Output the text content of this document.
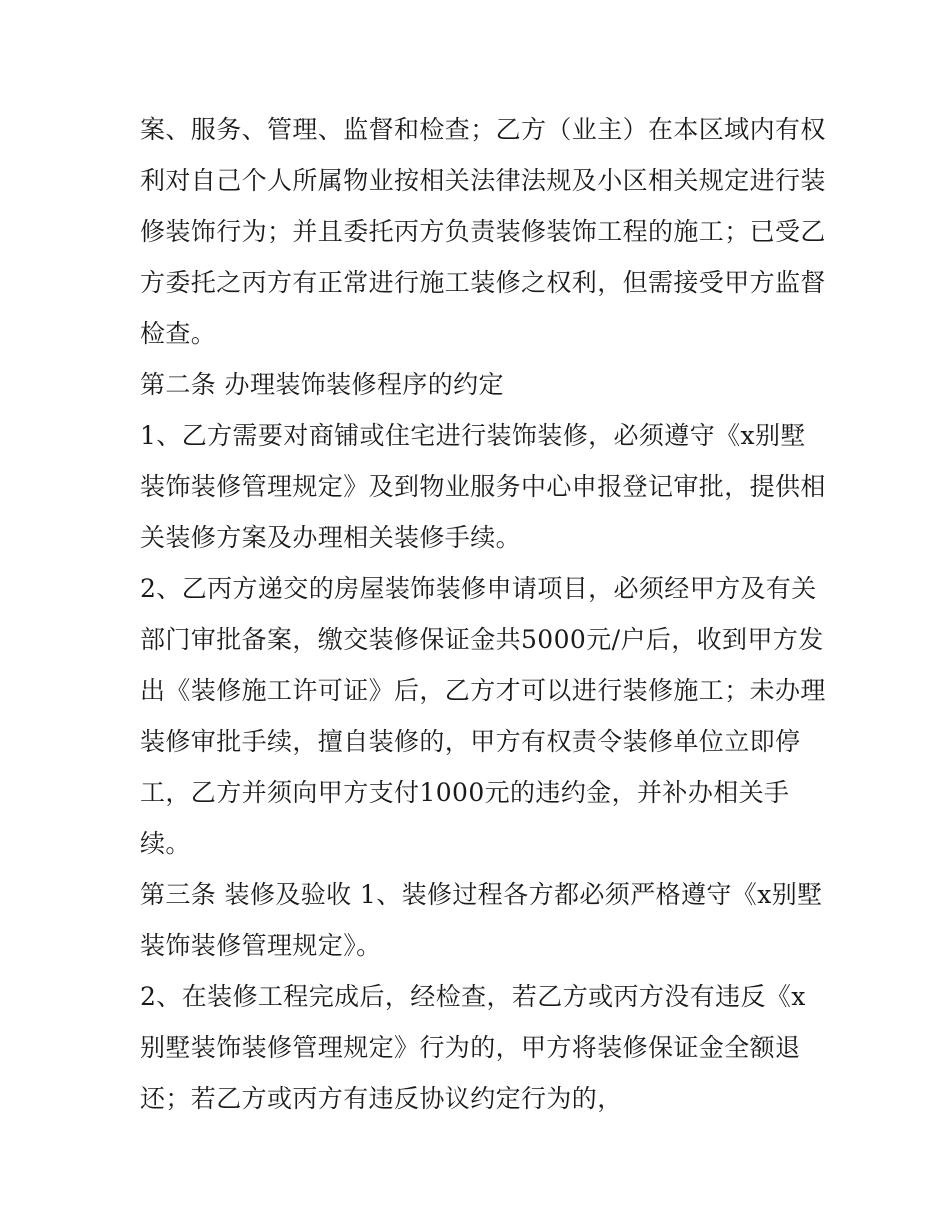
案、服务、管理、监督和检查；乙方（业主）在本区域内有权
利对自己个人所属物业按相关法律法规及小区相关规定进行装
修装饰行为；并且委托丙方负责装修装饰工程的施工；已受乙
方委托之丙方有正常进行施工装修之权利，但需接受甲方监督
检查。
第二条 办理装饰装修程序的约定
1、乙方需要对商铺或住宅进行装饰装修，必须遵守《x别墅
装饰装修管理规定》及到物业服务中心申报登记审批，提供相
关装修方案及办理相关装修手续。
2、乙丙方递交的房屋装饰装修申请项目，必须经甲方及有关
部门审批备案，缴交装修保证金共5000元/户后，收到甲方发
出《装修施工许可证》后，乙方才可以进行装修施工；未办理
装修审批手续，擅自装修的，甲方有权责令装修单位立即停
工，乙方并须向甲方支付1000元的违约金，并补办相关手
续。
第三条 装修及验收 1、装修过程各方都必须严格遵守《x别墅
装饰装修管理规定》。
2、在装修工程完成后，经检查，若乙方或丙方没有违反《x
别墅装饰装修管理规定》行为的，甲方将装修保证金全额退
还；若乙方或丙方有违反协议约定行为的，
